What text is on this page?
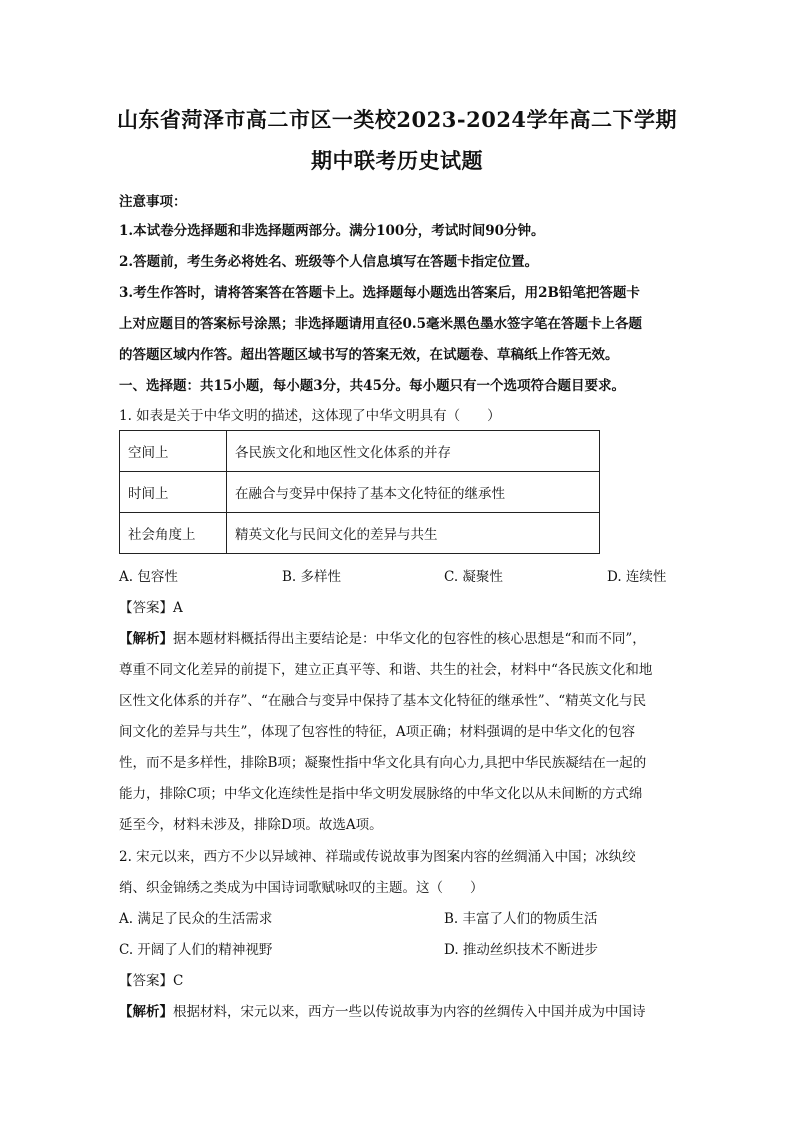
山东省菏泽市高二市区一类校2023-2024学年高二下学期
期中联考历史试题
注意事项：
1.本试卷分选择题和非选择题两部分。满分100分，考试时间90分钟。
2.答题前，考生务必将姓名、班级等个人信息填写在答题卡指定位置。
3.考生作答时，请将答案答在答题卡上。选择题每小题选出答案后，用2B铅笔把答题卡
上对应题目的答案标号涂黑；非选择题请用直径0.5毫米黑色墨水签字笔在答题卡上各题
的答题区域内作答。超出答题区域书写的答案无效，在试题卷、草稿纸上作答无效。
一、选择题：共15小题，每小题3分，共45分。每小题只有一个选项符合题目要求。
1. 如表是关于中华文明的描述，这体现了中华文明具有（　　）
空间上	各民族文化和地区性文化体系的并存
时间上	在融合与变异中保持了基本文化特征的继承性
社会角度上	精英文化与民间文化的差异与共生
A. 包容性	B. 多样性	C. 凝聚性	D. 连续性
【答案】A
【解析】据本题材料概括得出主要结论是：中华文化的包容性的核心思想是“和而不同”，
尊重不同文化差异的前提下，建立正真平等、和谐、共生的社会，材料中“各民族文化和地
区性文化体系的并存”、“在融合与变异中保持了基本文化特征的继承性”、“精英文化与民
间文化的差异与共生”，体现了包容性的特征，A项正确；材料强调的是中华文化的包容
性，而不是多样性，排除B项；凝聚性指中华文化具有向心力,具把中华民族凝结在一起的
能力，排除C项；中华文化连续性是指中华文明发展脉络的中华文化以从未间断的方式绵
延至今，材料未涉及，排除D项。故选A项。
2. 宋元以来，西方不少以异域神、祥瑞或传说故事为图案内容的丝绸涌入中国；冰纨绞
绡、织金锦绣之类成为中国诗词歌赋咏叹的主题。这（　　）
A. 满足了民众的生活需求	B. 丰富了人们的物质生活
C. 开阔了人们的精神视野	D. 推动丝织技术不断进步
【答案】C
【解析】根据材料，宋元以来，西方一些以传说故事为内容的丝绸传入中国并成为中国诗
